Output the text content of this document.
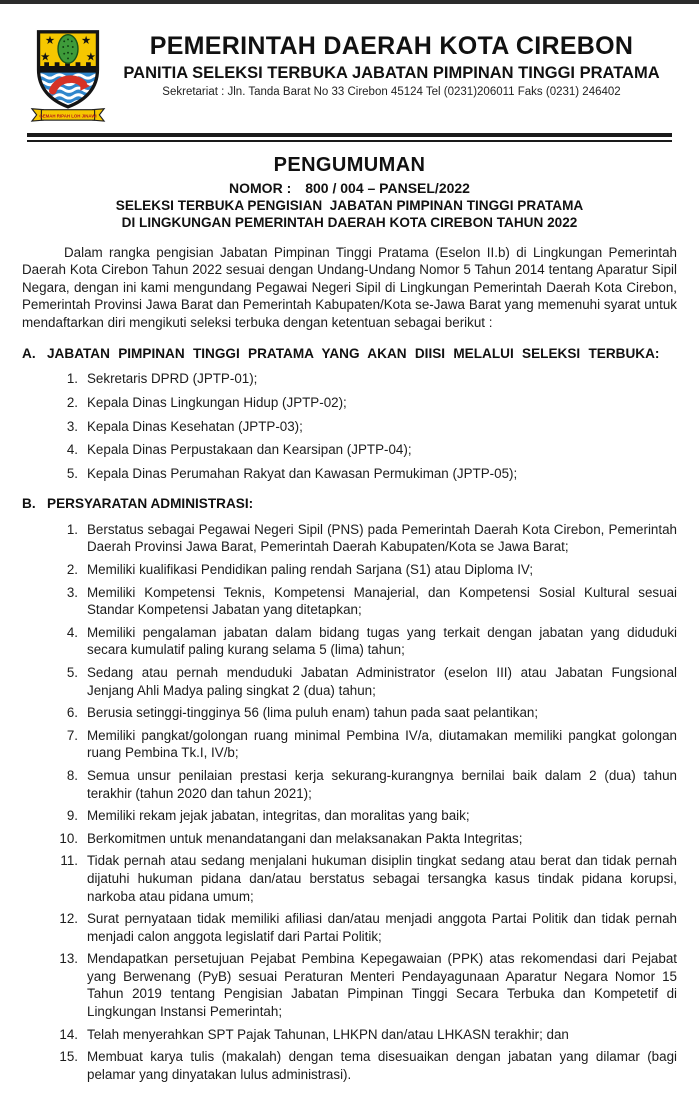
★ ★
★	★
GEMAH RIPAH LOH JINAWI
PEMERINTAH DAERAH KOTA CIREBON
PANITIA SELEKSI TERBUKA JABATAN PIMPINAN TINGGI PRATAMA
Sekretariat : Jln. Tanda Barat No 33 Cirebon 45124 Tel (0231)206011 Faks (0231) 246402
PENGUMUMAN
NOMOR : 800 / 004 – PANSEL/2022
SELEKSI TERBUKA PENGISIAN  JABATAN PIMPINAN TINGGI PRATAMA
DI LINGKUNGAN PEMERINTAH DAERAH KOTA CIREBON TAHUN 2022

Dalam rangka pengisian Jabatan Pimpinan Tinggi Pratama (Eselon II.b) di Lingkungan Pemerintah Daerah Kota Cirebon Tahun 2022 sesuai dengan Undang-Undang Nomor 5 Tahun 2014 tentang Aparatur Sipil Negara, dengan ini kami mengundang Pegawai Negeri Sipil di Lingkungan Pemerintah Daerah Kota Cirebon, Pemerintah Provinsi Jawa Barat dan Pemerintah Kabupaten/Kota se-Jawa Barat yang memenuhi syarat untuk mendaftarkan diri mengikuti seleksi terbuka dengan ketentuan sebagai berikut :

A. JABATAN PIMPINAN TINGGI PRATAMA YANG AKAN DIISI MELALUI SELEKSI TERBUKA:
1. Sekretaris DPRD (JPTP-01);
2. Kepala Dinas Lingkungan Hidup (JPTP-02);
3. Kepala Dinas Kesehatan (JPTP-03);
4. Kepala Dinas Perpustakaan dan Kearsipan (JPTP-04);
5. Kepala Dinas Perumahan Rakyat dan Kawasan Permukiman (JPTP-05);
B. PERSYARATAN ADMINISTRASI:
1. Berstatus sebagai Pegawai Negeri Sipil (PNS) pada Pemerintah Daerah Kota Cirebon, Pemerintah Daerah Provinsi Jawa Barat, Pemerintah Daerah Kabupaten/Kota se Jawa Barat;
2. Memiliki kualifikasi Pendidikan paling rendah Sarjana (S1) atau Diploma IV;
3. Memiliki Kompetensi Teknis, Kompetensi Manajerial, dan Kompetensi Sosial Kultural sesuai Standar Kompetensi Jabatan yang ditetapkan;
4. Memiliki pengalaman jabatan dalam bidang tugas yang terkait dengan jabatan yang diduduki secara kumulatif paling kurang selama 5 (lima) tahun;
5. Sedang atau pernah menduduki Jabatan Administrator (eselon III) atau Jabatan Fungsional Jenjang Ahli Madya paling singkat 2 (dua) tahun;
6. Berusia setinggi-tingginya 56 (lima puluh enam) tahun pada saat pelantikan;
7. Memiliki pangkat/golongan ruang minimal Pembina IV/a, diutamakan memiliki pangkat golongan ruang Pembina Tk.I, IV/b;
8. Semua unsur penilaian prestasi kerja sekurang-kurangnya bernilai baik dalam 2 (dua) tahun terakhir (tahun 2020 dan tahun 2021);
9. Memiliki rekam jejak jabatan, integritas, dan moralitas yang baik;
10. Berkomitmen untuk menandatangani dan melaksanakan Pakta Integritas;
11. Tidak pernah atau sedang menjalani hukuman disiplin tingkat sedang atau berat dan tidak pernah dijatuhi hukuman pidana dan/atau berstatus sebagai tersangka kasus tindak pidana korupsi, narkoba atau pidana umum;
12. Surat pernyataan tidak memiliki afiliasi dan/atau menjadi anggota Partai Politik dan tidak pernah menjadi calon anggota legislatif dari Partai Politik;
13. Mendapatkan persetujuan Pejabat Pembina Kepegawaian (PPK) atas rekomendasi dari Pejabat yang Berwenang (PyB) sesuai Peraturan Menteri Pendayagunaan Aparatur Negara Nomor 15 Tahun 2019 tentang Pengisian Jabatan Pimpinan Tinggi Secara Terbuka dan Kompetetif di Lingkungan Instansi Pemerintah;
14. Telah menyerahkan SPT Pajak Tahunan, LHKPN dan/atau LHKASN terakhir; dan
15. Membuat karya tulis (makalah) dengan tema disesuaikan dengan jabatan yang dilamar (bagi pelamar yang dinyatakan lulus administrasi).
